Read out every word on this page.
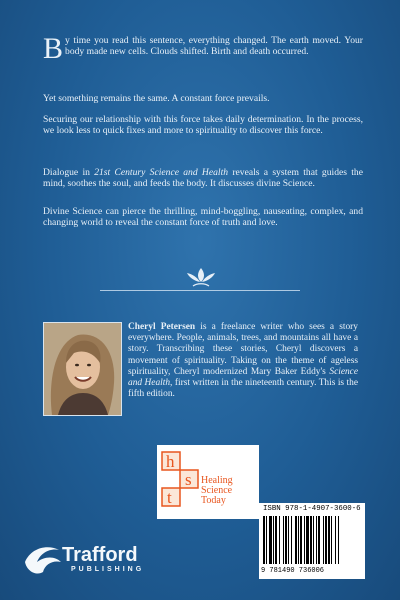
By time you read this sentence, everything changed. The earth moved. Your body made new cells. Clouds shifted. Birth and death occurred.
Yet something remains the same. A constant force prevails.
Securing our relationship with this force takes daily determination. In the process, we look less to quick fixes and more to spirituality to discover this force.
Dialogue in 21st Century Science and Health reveals a system that guides the mind, soothes the soul, and feeds the body. It discusses divine Science.
Divine Science can pierce the thrilling, mind-boggling, nauseating, complex, and changing world to reveal the constant force of truth and love.
Cheryl Petersen is a freelance writer who sees a story everywhere. People, animals, trees, and mountains all have a story. Transcribing these stories, Cheryl discovers a movement of spirituality. Taking on the theme of ageless spirituality, Cheryl modernized Mary Baker Eddy's Science and Health, first written in the nineteenth century. This is the fifth edition.
h
s
t
Healing
Science
Today
ISBN 978-1-4907-3600-6
9 781490 736006
Trafford
PUBLISHING
